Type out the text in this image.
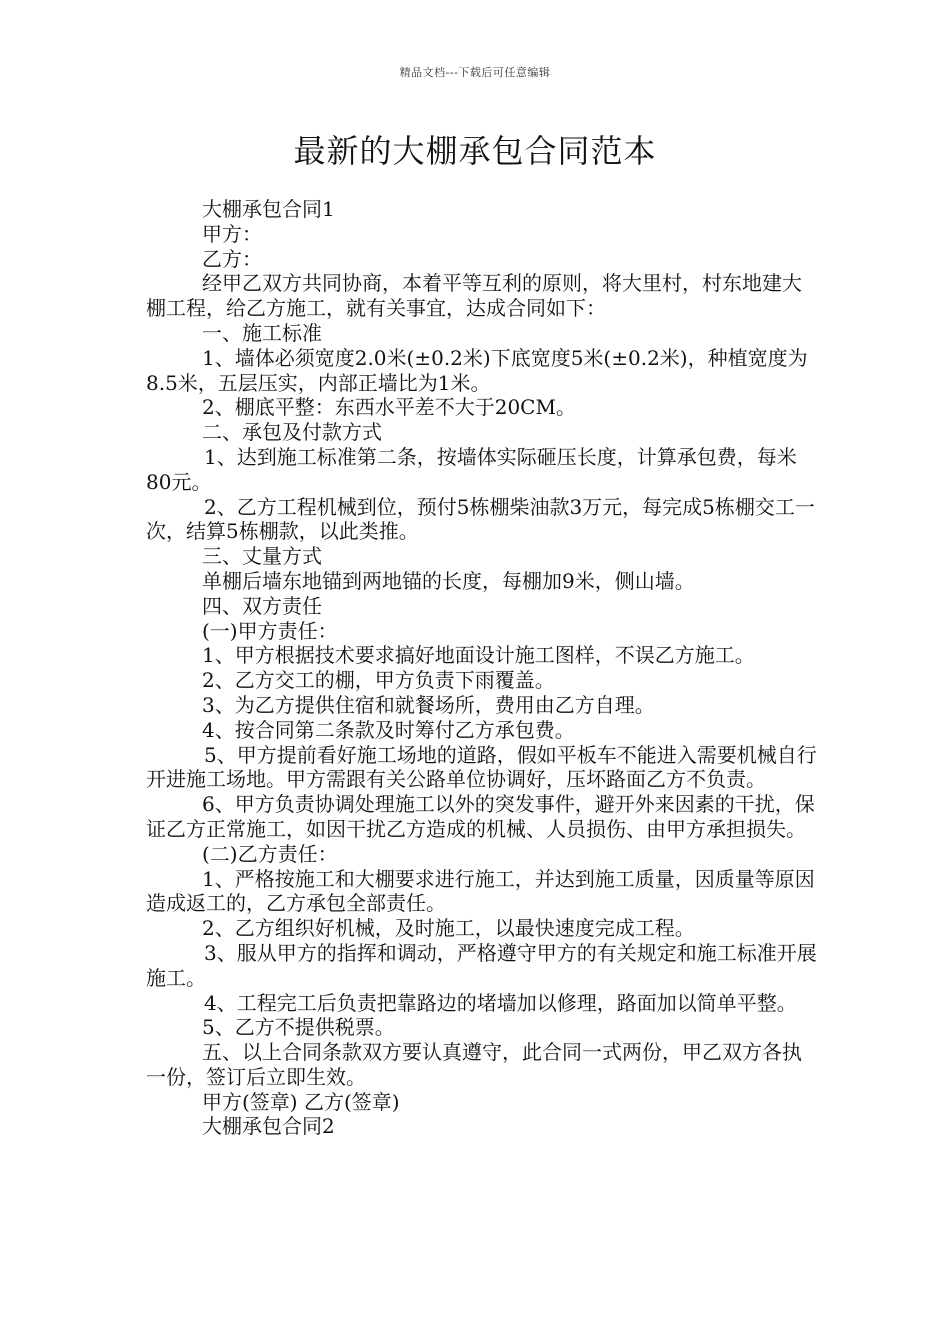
精品文档---下载后可任意编辑
最新的大棚承包合同范本

大棚承包合同1

甲方：

乙方：

经甲乙双方共同协商，本着平等互利的原则，将大里村，村东地建大棚工程，给乙方施工，就有关事宜，达成合同如下：

一、施工标准

1、墙体必须宽度2.0米(±0.2米)下底宽度5米(±0.2米)，种植宽度为8.5米，五层压实，内部正墙比为1米。

2、棚底平整：东西水平差不大于20CM。

二、承包及付款方式

1、达到施工标准第二条，按墙体实际砸压长度，计算承包费，每米80元。

2、乙方工程机械到位，预付5栋棚柴油款3万元，每完成5栋棚交工一次，结算5栋棚款，以此类推。

三、丈量方式

单棚后墙东地锚到两地锚的长度，每棚加9米，侧山墙。

四、双方责任

(一)甲方责任：

1、甲方根据技术要求搞好地面设计施工图样，不误乙方施工。

2、乙方交工的棚，甲方负责下雨覆盖。

3、为乙方提供住宿和就餐场所，费用由乙方自理。

4、按合同第二条款及时筹付乙方承包费。

5、甲方提前看好施工场地的道路，假如平板车不能进入需要机械自行开进施工场地。甲方需跟有关公路单位协调好，压坏路面乙方不负责。

6、甲方负责协调处理施工以外的突发事件，避开外来因素的干扰，保证乙方正常施工，如因干扰乙方造成的机械、人员损伤、由甲方承担损失。

(二)乙方责任：

1、严格按施工和大棚要求进行施工，并达到施工质量，因质量等原因造成返工的，乙方承包全部责任。

2、乙方组织好机械，及时施工，以最快速度完成工程。

3、服从甲方的指挥和调动，严格遵守甲方的有关规定和施工标准开展施工。

4、工程完工后负责把靠路边的堵墙加以修理，路面加以简单平整。

5、乙方不提供税票。

五、以上合同条款双方要认真遵守，此合同一式两份，甲乙双方各执一份，签订后立即生效。

甲方(签章) 乙方(签章)

大棚承包合同2
